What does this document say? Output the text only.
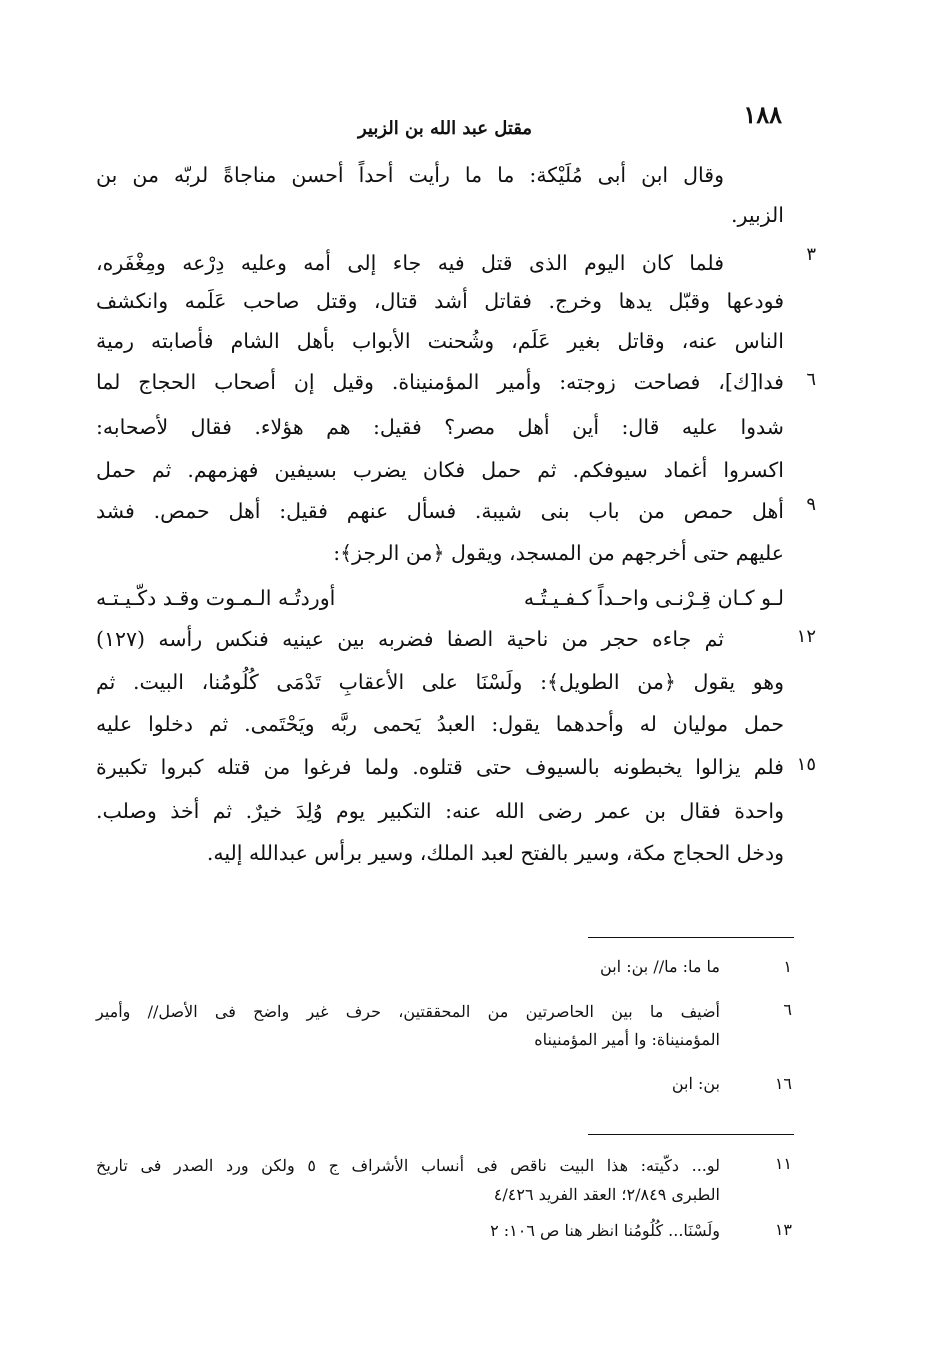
١٨٨
مقتل عبد الله بن الزبير
وقال ابن أبى مُلَيْكة: ما ما رأيت أحداً أحسن مناجاةً لربّه من بن
الزبير.
فلما كان اليوم الذى قتل فيه جاء إلى أمه وعليه دِرْعه ومِغْفَره،
فودعها وقبّل يدها وخرج. فقاتل أشد قتال، وقتل صاحب عَلَمه وانكشف
الناس عنه، وقاتل بغير عَلَم، وشُحنت الأبواب بأهل الشام فأصابته رمية
فدا[ك]، فصاحت زوجته: وأمير المؤمنيناة. وقيل إن أصحاب الحجاج لما
شدوا عليه قال: أين أهل مصر؟ فقيل: هم هؤلاء. فقال لأصحابه:
اكسروا أغماد سيوفكم. ثم حمل فكان يضرب بسيفين فهزمهم. ثم حمل
أهل حمص من باب بنى شيبة. فسأل عنهم فقيل: أهل حمص. فشد
عليهم حتى أخرجهم من المسجد، ويقول ﴿من الرجز﴾:
لـو كـان قِـرْنـى واحـداً كـفـيـتُـه
أوردتُـه الـمـوت وقـد دكّـيـتـه
ثم جاءه حجر من ناحية الصفا فضربه بين عينيه فنكس رأسه (١٢٧)
وهو يقول ﴿من الطويل﴾: ولَسْنَا على الأعقابِ تَدْمَى كُلُومُنا، البيت. ثم
حمل موليان له وأحدهما يقول: العبدُ يَحمى ربَّه ويَحْتَمى. ثم دخلوا عليه
فلم يزالوا يخبطونه بالسيوف حتى قتلوه. ولما فرغوا من قتله كبروا تكبيرة
واحدة فقال بن عمر رضى الله عنه: التكبير يوم وُلِدَ خيرٌ. ثم أخذ وصلب.
ودخل الحجاج مكة، وسير بالفتح لعبد الملك، وسير برأس عبدالله إليه.
٣
٦
٩
١٢
١٥
١
ما ما: ما// بن: ابن
٦
أضيف ما بين الحاصرتين من المحققتين، حرف غير واضح فى الأصل// وأمير
المؤمنيناة: وا أمير المؤمنيناه
١٦
بن: ابن
١١
لو... دكّيته: هذا البيت ناقص فى أنساب الأشراف ج ٥ ولكن ورد الصدر فى تاريخ
الطبرى ٢/٨٤٩؛ العقد الفريد ٤/٤٢٦
١٣
ولَسْنَا... كُلُومُنا انظر هنا ص ١٠٦: ٢
